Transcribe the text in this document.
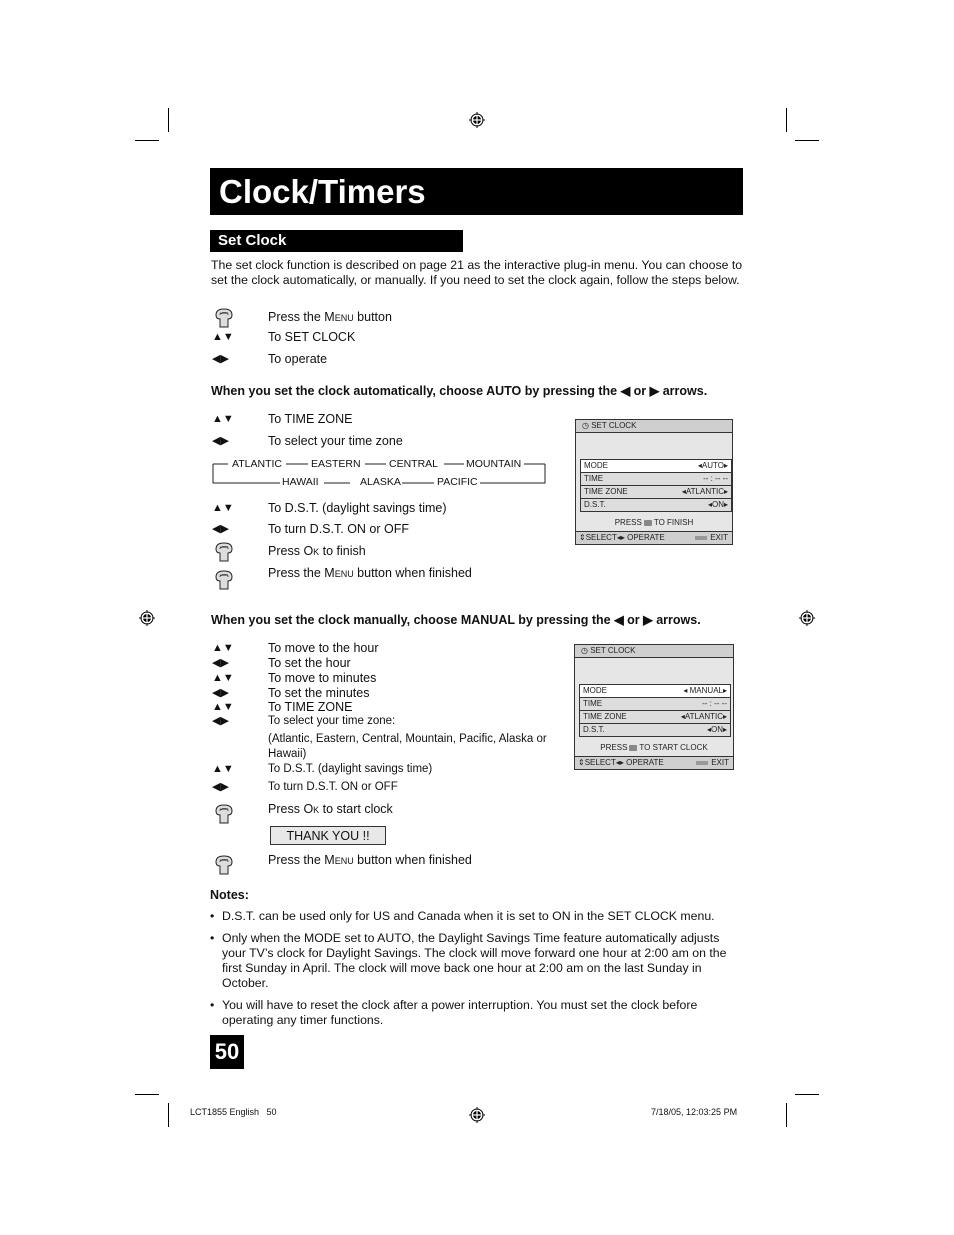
Clock/Timers
Set Clock
The set clock function is described on page 21 as the interactive plug-in menu. You can choose to set the clock automatically, or manually. If you need to set the clock again, follow the steps below.
Press the Menu button
▲▼	To SET CLOCK
◀▶	To operate
When you set the clock automatically, choose AUTO by pressing the ◀ or ▶ arrows.
▲▼	To TIME ZONE
◀▶	To select your time zone
ATLANTIC	EASTERN	CENTRAL	MOUNTAIN
HAWAII	ALASKA	PACIFIC
▲▼	To D.S.T. (daylight savings time)
◀▶	To turn D.S.T. ON or OFF
Press Ok to finish
Press the Menu button when finished
◷ SET CLOCK
MODE	◂AUTO▸
TIME	-- : -- --
TIME ZONE	◂ATLANTIC▸
D.S.T.	◂ON▸
PRESS TO FINISH
⇕SELECT◂▸ OPERATE	EXIT
When you set the clock manually, choose MANUAL by pressing the ◀ or ▶ arrows.
▲▼	To move to the hour
◀▶	To set the hour
▲▼	To move to minutes
◀▶	To set the minutes
▲▼	To TIME ZONE
◀▶	To select your time zone:
(Atlantic, Eastern, Central, Mountain, Pacific, Alaska or Hawaii)
▲▼	To D.S.T. (daylight savings time)
◀▶	To turn D.S.T. ON or OFF
Press Ok to start clock
THANK YOU !!
Press the Menu button when finished
◷ SET CLOCK
MODE	◂ MANUAL▸
TIME	-- : -- --
TIME ZONE	◂ATLANTIC▸
D.S.T.	◂ON▸
PRESS TO START CLOCK
⇕SELECT◂▸ OPERATE	EXIT
Notes:
• D.S.T. can be used only for US and Canada when it is set to ON in the SET CLOCK menu.
• Only when the MODE set to AUTO, the Daylight Savings Time feature automatically adjusts your TV’s clock for Daylight Savings. The clock will move forward one hour at 2:00 am on the first Sunday in April. The clock will move back one hour at 2:00 am on the last Sunday in October.
• You will have to reset the clock after a power interruption. You must set the clock before operating any timer functions.
50
LCT1855 English   50	7/18/05, 12:03:25 PM
